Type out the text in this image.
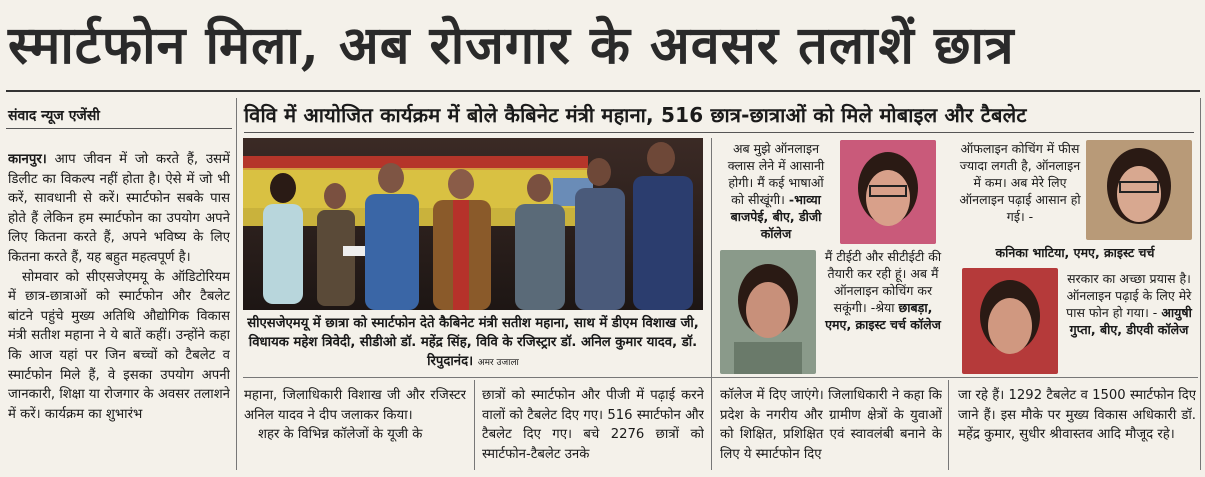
स्मार्टफोन मिला, अब रोजगार के अवसर तलाशें छात्र
संवाद न्यूज एजेंसी	विवि में आयोजित कार्यक्रम में बोले कैबिनेट मंत्री महाना, 516 छात्र-छात्राओं को मिले मोबाइल और टैबलेट

कानपुर। आप जीवन में जो करते हैं, उसमें डिलीट का विकल्प नहीं होता है। ऐसे में जो भी करें, सावधानी से करें। स्मार्टफोन सबके पास होते हैं लेकिन हम स्मार्टफोन का उपयोग अपने लिए कितना करते हैं, अपने भविष्य के लिए कितना करते हैं, यह बहुत महत्वपूर्ण है।

सोमवार को सीएसजेएमयू के ऑडिटोरियम में छात्र-छात्राओं को स्मार्टफोन और टैबलेट बांटने पहुंचे मुख्य अतिथि औद्योगिक विकास मंत्री सतीश महाना ने ये बातें कहीं। उन्होंने कहा कि आज यहां पर जिन बच्चों को टैबलेट व स्मार्टफोन मिले हैं, वे इसका उपयोग अपनी जानकारी, शिक्षा या रोजगार के अवसर तलाशने में करें। कार्यक्रम का शुभारंभ

सीएसजेएमयू में छात्रा को स्मार्टफोन देते कैबिनेट मंत्री सतीश महाना, साथ में डीएम विशाख जी, विधायक महेश त्रिवेदी, सीडीओ डॉ. महेंद्र सिंह, विवि के रजिस्ट्रार डॉ. अनिल कुमार यादव, डॉ. रिपुदानंद। अमर उजाला
अब मुझे ऑनलाइन क्लास लेने में आसानी होगी। मैं कई भाषाओं को सीखूंगी। -भाव्या बाजपेई, बीए, डीजी कॉलेज
मैं टीईटी और सीटीईटी की तैयारी कर रही हूं। अब मैं ऑनलाइन कोचिंग कर सकूंगी। -श्रेया छाबड़ा, एमए, क्राइस्ट चर्च कॉलेज
ऑफलाइन कोचिंग में फीस ज्यादा लगती है, ऑनलाइन में कम। अब मेरे लिए ऑनलाइन पढ़ाई आसान हो गई। -
कनिका भाटिया, एमए, क्राइस्ट चर्च
सरकार का अच्छा प्रयास है। ऑनलाइन पढ़ाई के लिए मेरे पास फोन हो गया। - आयुषी गुप्ता, बीए, डीएवी कॉलेज

महाना, जिलाधिकारी विशाख जी और रजिस्टर अनिल यादव ने दीप जलाकर किया।

शहर के विभिन्न कॉलेजों के यूजी के

छात्रों को स्मार्टफोन और पीजी में पढ़ाई करने वालों को टैबलेट दिए गए। 516 स्मार्टफोन और टैबलेट दिए गए। बचे 2276 छात्रों को स्मार्टफोन-टैबलेट उनके

कॉलेज में दिए जाएंगे। जिलाधिकारी ने कहा कि प्रदेश के नगरीय और ग्रामीण क्षेत्रों के युवाओं को शिक्षित, प्रशिक्षित एवं स्वावलंबी बनाने के लिए ये स्मार्टफोन दिए

जा रहे हैं। 1292 टैबलेट व 1500 स्मार्टफोन दिए जाने हैं। इस मौके पर मुख्य विकास अधिकारी डॉ. महेंद्र कुमार, सुधीर श्रीवास्तव आदि मौजूद रहे।
